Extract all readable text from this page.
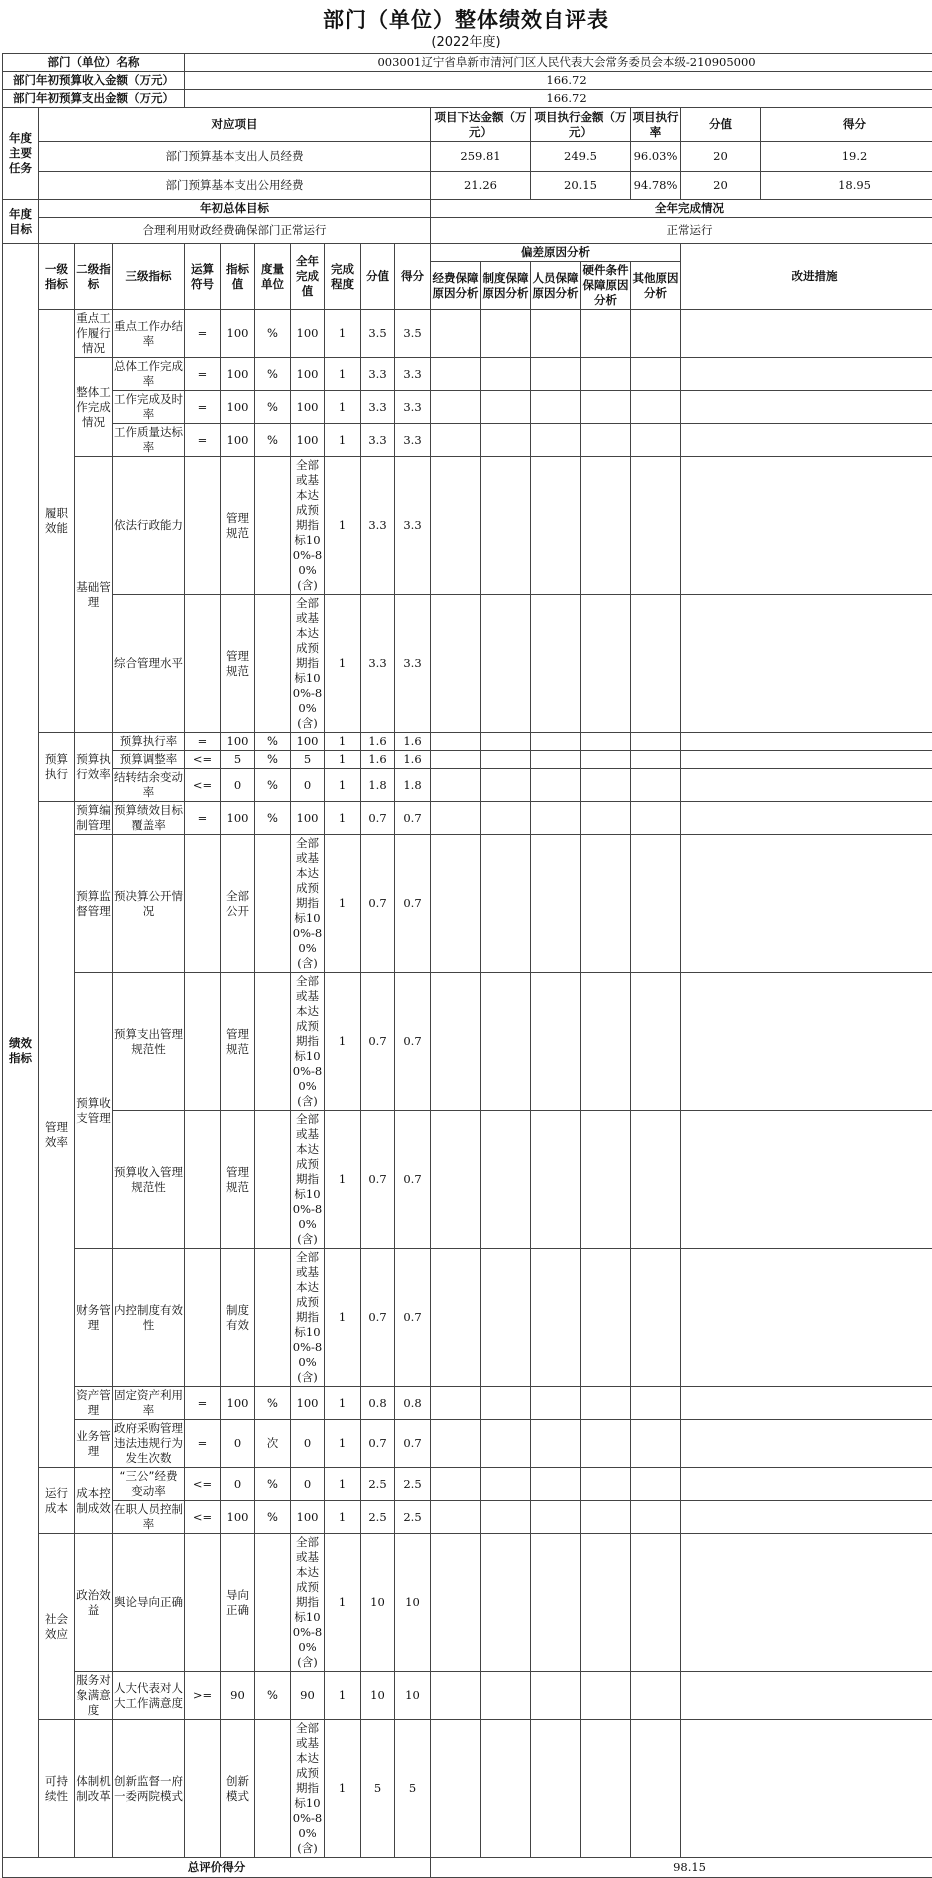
部门（单位）整体绩效自评表
(2022年度)
部门（单位）名称				003001辽宁省阜新市清河门区人民代表大会常务委员会本级-210905000													
部门年初预算收入金额（万元）				166.72													
部门年初预算支出金额（万元）				166.72													
年度主要任务	对应项目										项目下达金额（万元）		项目执行金额（万元）		项目执行率	分值	得分
	部门预算基本支出人员经费										259.81		249.5		96.03%	20	19.2
	部门预算基本支出公用经费										21.26		20.15		94.78%	20	18.95
年度目标	年初总体目标										全年完成情况						
	合理利用财政经费确保部门正常运行										正常运行						
绩效指标	一级指标	二级指标	三级指标	运算符号	指标值	度量单位	全年完成值	完成程度	分值	得分	偏差原因分析					改进措施	
											经费保障原因分析	制度保障原因分析	人员保障原因分析	硬件条件保障原因分析	其他原因分析		
	履职效能	重点工作履行情况	重点工作办结率	=	100	%	100	1	3.5	3.5							
		整体工作完成情况	总体工作完成率	=	100	%	100	1	3.3	3.3							
			工作完成及时率	=	100	%	100	1	3.3	3.3							
			工作质量达标率	=	100	%	100	1	3.3	3.3							
		基础管理	依法行政能力		管理规范		全部或基本达成预期指标100%-80%(含)	1	3.3	3.3							
			综合管理水平		管理规范		全部或基本达成预期指标100%-80%(含)	1	3.3	3.3							
	预算执行	预算执行效率	预算执行率	=	100	%	100	1	1.6	1.6							
			预算调整率	<=	5	%	5	1	1.6	1.6							
			结转结余变动率	<=	0	%	0	1	1.8	1.8							
	管理效率	预算编制管理	预算绩效目标覆盖率	=	100	%	100	1	0.7	0.7							
		预算监督管理	预决算公开情况		全部公开		全部或基本达成预期指标100%-80%(含)	1	0.7	0.7							
		预算收支管理	预算支出管理规范性		管理规范		全部或基本达成预期指标100%-80%(含)	1	0.7	0.7							
			预算收入管理规范性		管理规范		全部或基本达成预期指标100%-80%(含)	1	0.7	0.7							
		财务管理	内控制度有效性		制度有效		全部或基本达成预期指标100%-80%(含)	1	0.7	0.7							
		资产管理	固定资产利用率	=	100	%	100	1	0.8	0.8							
		业务管理	政府采购管理违法违规行为发生次数	=	0	次	0	1	0.7	0.7							
	运行成本	成本控制成效	“三公”经费变动率	<=	0	%	0	1	2.5	2.5							
			在职人员控制率	<=	100	%	100	1	2.5	2.5							
	社会效应	政治效益	舆论导向正确		导向正确		全部或基本达成预期指标100%-80%(含)	1	10	10							
		服务对象满意度	人大代表对人大工作满意度	>=	90	%	90	1	10	10							
	可持续性	体制机制改革	创新监督一府一委两院模式		创新模式		全部或基本达成预期指标100%-80%(含)	1	5	5							
总评价得分											98.15						
